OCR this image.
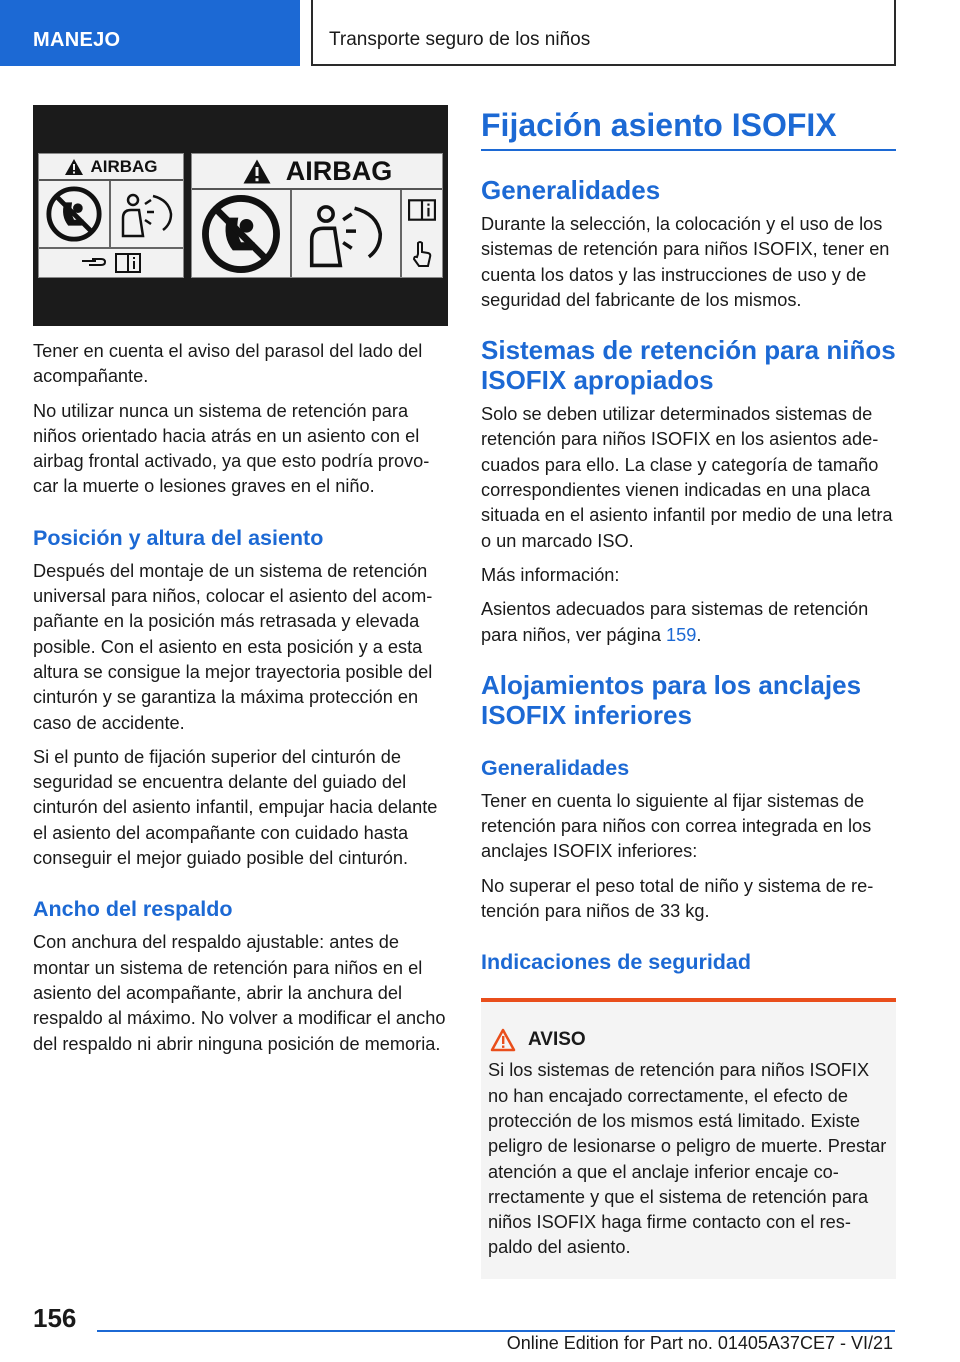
MANEJO	Transporte seguro de los niños
AIRBAG	AIRBAG

Tener en cuenta el aviso del parasol del lado del acompañante.

No utilizar nunca un sistema de retención para niños orientado hacia atrás en un asiento con el airbag frontal activado, ya que esto podría provocar la muerte o lesiones graves en el niño.

Posición y altura del asiento

Después del montaje de un sistema de retención universal para niños, colocar el asiento del acompañante en la posición más retrasada y elevada posible. Con el asiento en esta posición y a esta altura se consigue la mejor trayectoria posible del cinturón y se garantiza la máxima protección en caso de accidente.

Si el punto de fijación superior del cinturón de seguridad se encuentra delante del guiado del cinturón del asiento infantil, empujar hacia delante el asiento del acompañante con cuidado hasta conseguir el mejor guiado posible del cinturón.

Ancho del respaldo

Con anchura del respaldo ajustable: antes de montar un sistema de retención para niños en el asiento del acompañante, abrir la anchura del respaldo al máximo. No volver a modificar el ancho del respaldo ni abrir ninguna posición de memoria.

Fijación asiento ISOFIX
Generalidades

Durante la selección, la colocación y el uso de los sistemas de retención para niños ISOFIX, tener en cuenta los datos y las instrucciones de uso y de seguridad del fabricante de los mismos.

Sistemas de retención para niños ISOFIX apropiados

Solo se deben utilizar determinados sistemas de retención para niños ISOFIX en los asientos adecuados para ello. La clase y categoría de tamaño correspondientes vienen indicadas en una placa situada en el asiento infantil por medio de una letra o un marcado ISO.

Más información:

Asientos adecuados para sistemas de retención para niños, ver página 159.

Alojamientos para los anclajes ISOFIX inferiores
Generalidades

Tener en cuenta lo siguiente al fijar sistemas de retención para niños con correa integrada en los anclajes ISOFIX inferiores:

No superar el peso total de niño y sistema de retención para niños de 33 kg.

Indicaciones de seguridad
AVISO

Si los sistemas de retención para niños ISOFIX no han encajado correctamente, el efecto de protección de los mismos está limitado. Existe peligro de lesionarse o peligro de muerte. Prestar atención a que el anclaje inferior encaje correctamente y que el sistema de retención para niños ISOFIX haga firme contacto con el respaldo del asiento.

156
Online Edition for Part no. 01405A37CE7 - VI/21
